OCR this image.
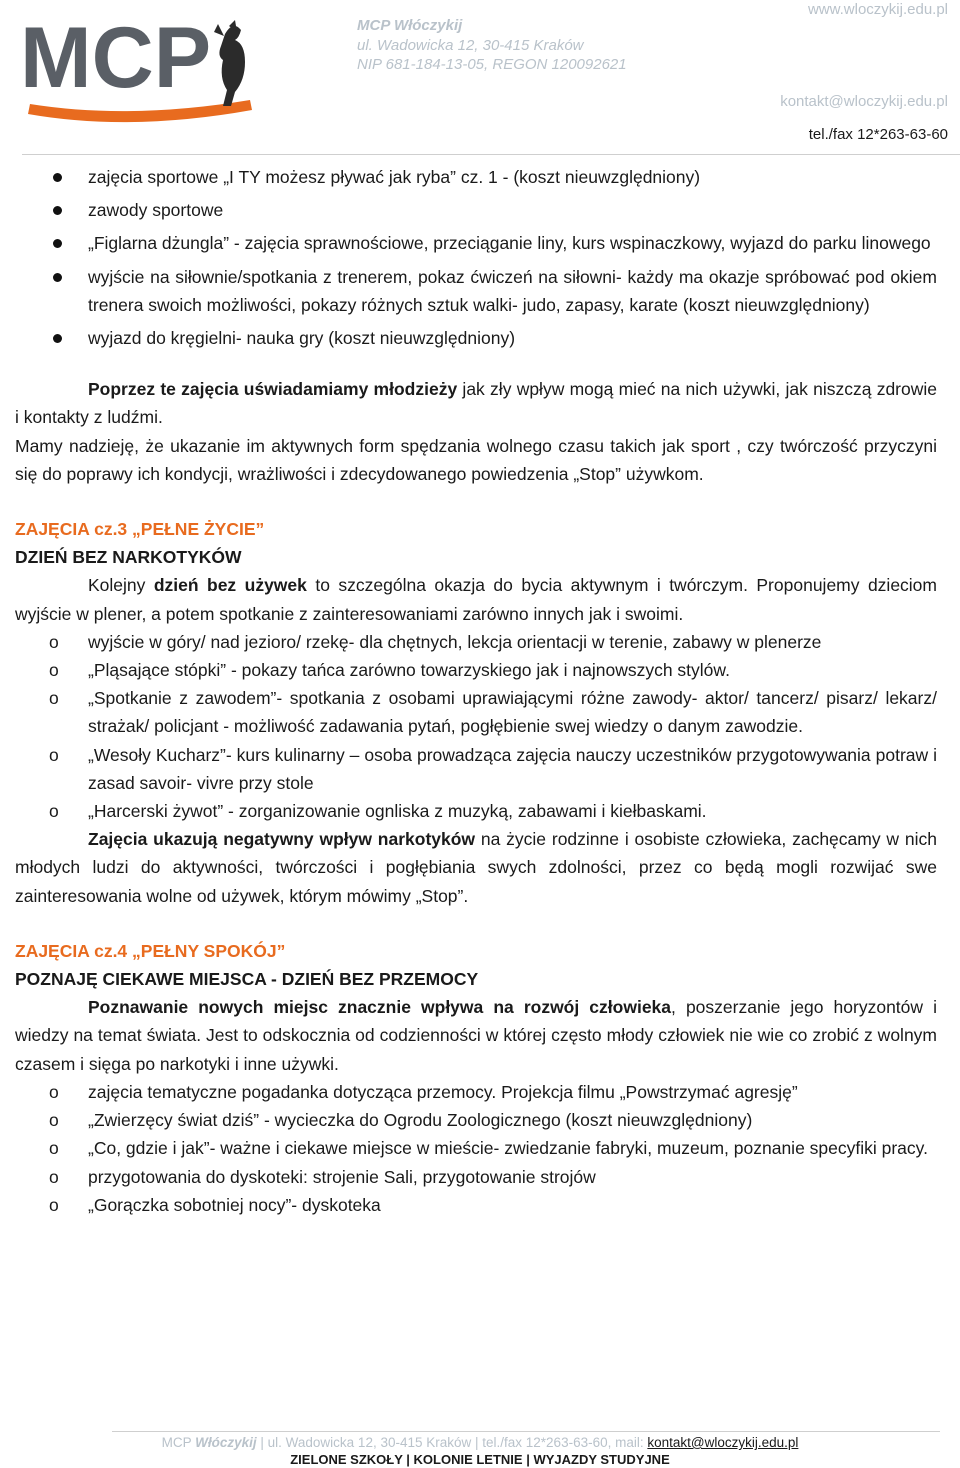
MCP	MCP Włóczykij
ul. Wadowicka 12, 30-415 Kraków
NIP 681-184-13-05, REGON 120092621
www.wloczykij.edu.pl
tel./fax 12*263-63-60
kontakt@wloczykij.edu.pl
zajęcia sportowe „I TY możesz pływać jak ryba” cz. 1 - (koszt nieuwzględniony)
zawody sportowe
„Figlarna dżungla” - zajęcia sprawnościowe, przeciąganie liny, kurs wspinaczkowy, wyjazd do parku linowego
wyjście na siłownie/spotkania z trenerem, pokaz ćwiczeń na siłowni- każdy ma okazje spróbować pod okiem trenera swoich możliwości, pokazy różnych sztuk walki- judo, zapasy, karate (koszt nieuwzględniony)
wyjazd do kręgielni- nauka gry (koszt nieuwzględniony)

Poprzez te zajęcia uświadamiamy młodzieży jak zły wpływ mogą mieć na nich używki, jak niszczą zdrowie i kontakty z ludźmi.

Mamy nadzieję, że ukazanie im aktywnych form spędzania wolnego czasu takich jak sport , czy twórczość przyczyni się do poprawy ich kondycji, wrażliwości i zdecydowanego powiedzenia „Stop” używkom.

ZAJĘCIA cz.3 „PEŁNE ŻYCIE”
DZIEŃ BEZ NARKOTYKÓW

Kolejny dzień bez używek to szczególna okazja do bycia aktywnym i twórczym. Proponujemy dzieciom wyjście w plener, a potem spotkanie z zainteresowaniami zarówno innych jak i swoimi.

o wyjście w góry/ nad jezioro/ rzekę- dla chętnych, lekcja orientacji w terenie, zabawy w plenerze
o „Pląsające stópki” - pokazy tańca zarówno towarzyskiego jak i najnowszych stylów.
o „Spotkanie z zawodem”- spotkania z osobami uprawiającymi różne zawody- aktor/ tancerz/ pisarz/ lekarz/ strażak/ policjant - możliwość zadawania pytań, pogłębienie swej wiedzy o danym zawodzie.
o „Wesoły Kucharz”- kurs kulinarny – osoba prowadząca zajęcia nauczy uczestników przygotowywania potraw i zasad savoir- vivre przy stole
o „Harcerski żywot” - zorganizowanie ognliska z muzyką, zabawami i kiełbaskami.

Zajęcia ukazują negatywny wpływ narkotyków na życie rodzinne i osobiste człowieka, zachęcamy w nich młodych ludzi do aktywności, twórczości i pogłębiania swych zdolności, przez co będą mogli rozwijać swe zainteresowania wolne od używek, którym mówimy „Stop”.

ZAJĘCIA cz.4 „PEŁNY SPOKÓJ”
POZNAJĘ CIEKAWE MIEJSCA - DZIEŃ BEZ PRZEMOCY

Poznawanie nowych miejsc znacznie wpływa na rozwój człowieka, poszerzanie jego horyzontów i wiedzy na temat świata. Jest to odskocznia od codzienności w której często młody człowiek nie wie co zrobić z wolnym czasem i sięga po narkotyki i inne używki.

o zajęcia tematyczne pogadanka dotycząca przemocy. Projekcja filmu „Powstrzymać agresję”
o „Zwierzęcy świat dziś” - wycieczka do Ogrodu Zoologicznego (koszt nieuwzględniony)
o „Co, gdzie i jak”- ważne i ciekawe miejsce w mieście- zwiedzanie fabryki, muzeum, poznanie specyfiki pracy.
o przygotowania do dyskoteki: strojenie Sali, przygotowanie strojów
o „Gorączka sobotniej nocy”- dyskoteka
MCP Włóczykij | ul. Wadowicka 12, 30-415 Kraków | tel./fax 12*263-63-60, mail: kontakt@wloczykij.edu.pl
ZIELONE SZKOŁY | KOLONIE LETNIE | WYJAZDY STUDYJNE
